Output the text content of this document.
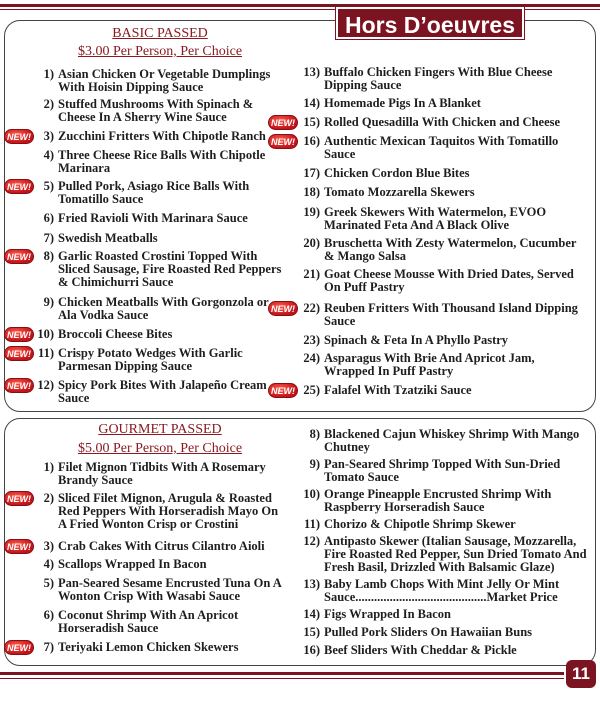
Hors D’oeuvres
BASIC PASSED
$3.00 Per Person, Per Choice
GOURMET PASSED
$5.00 Per Person, Per Choice
1) Asian Chicken Or Vegetable Dumplings With Hoisin Dipping Sauce
2) Stuffed Mushrooms With Spinach & Cheese In A Sherry Wine Sauce
3) Zucchini Fritters With Chipotle Ranch
NEW!
4) Three Cheese Rice Balls With Chipotle Marinara
5) Pulled Pork, Asiago Rice Balls With Tomatillo Sauce
NEW!
6) Fried Ravioli With Marinara Sauce
7) Swedish Meatballs
8) Garlic Roasted Crostini Topped With Sliced Sausage, Fire Roasted Red Peppers & Chimichurri Sauce
NEW!
9) Chicken Meatballs With Gorgonzola or Ala Vodka Sauce
10) Broccoli Cheese Bites
NEW!
11) Crispy Potato Wedges With Garlic Parmesan Dipping Sauce
NEW!
12) Spicy Pork Bites With Jalapeño Cream Sauce
NEW!
13) Buffalo Chicken Fingers With Blue Cheese Dipping Sauce
14) Homemade Pigs In A Blanket
15) Rolled Quesadilla With Chicken and Cheese
NEW!
16) Authentic Mexican Taquitos With Tomatillo Sauce
NEW!
17) Chicken Cordon Blue Bites
18) Tomato Mozzarella Skewers
19) Greek Skewers With Watermelon, EVOO Marinated Feta And A Black Olive
20) Bruschetta With Zesty Watermelon, Cucumber & Mango Salsa
21) Goat Cheese Mousse With Dried Dates, Served On Puff Pastry
22) Reuben Fritters With Thousand Island Dipping Sauce
NEW!
23) Spinach & Feta In A Phyllo Pastry
24) Asparagus With Brie And Apricot Jam, Wrapped In Puff Pastry
25) Falafel With Tzatziki Sauce
NEW!
1) Filet Mignon Tidbits With A Rosemary Brandy Sauce
2) Sliced Filet Mignon, Arugula & Roasted Red Peppers With Horseradish Mayo On A Fried Wonton Crisp or Crostini
NEW!
3) Crab Cakes With Citrus Cilantro Aioli
NEW!
4) Scallops Wrapped In Bacon
5) Pan-Seared Sesame Encrusted Tuna On A Wonton Crisp With Wasabi Sauce
6) Coconut Shrimp With An Apricot Horseradish Sauce
7) Teriyaki Lemon Chicken Skewers
NEW!
8) Blackened Cajun Whiskey Shrimp With Mango Chutney
9) Pan-Seared Shrimp Topped With Sun-Dried Tomato Sauce
10) Orange Pineapple Encrusted Shrimp With Raspberry Horseradish Sauce
11) Chorizo & Chipotle Shrimp Skewer
12) Antipasto Skewer (Italian Sausage, Mozzarella, Fire Roasted Red Pepper, Sun Dried Tomato And Fresh Basil, Drizzled With Balsamic Glaze)
13) Baby Lamb Chops With Mint Jelly Or Mint Sauce..........................................Market Price
14) Figs Wrapped In Bacon
15) Pulled Pork Sliders On Hawaiian Buns
16) Beef Sliders With Cheddar & Pickle
11
